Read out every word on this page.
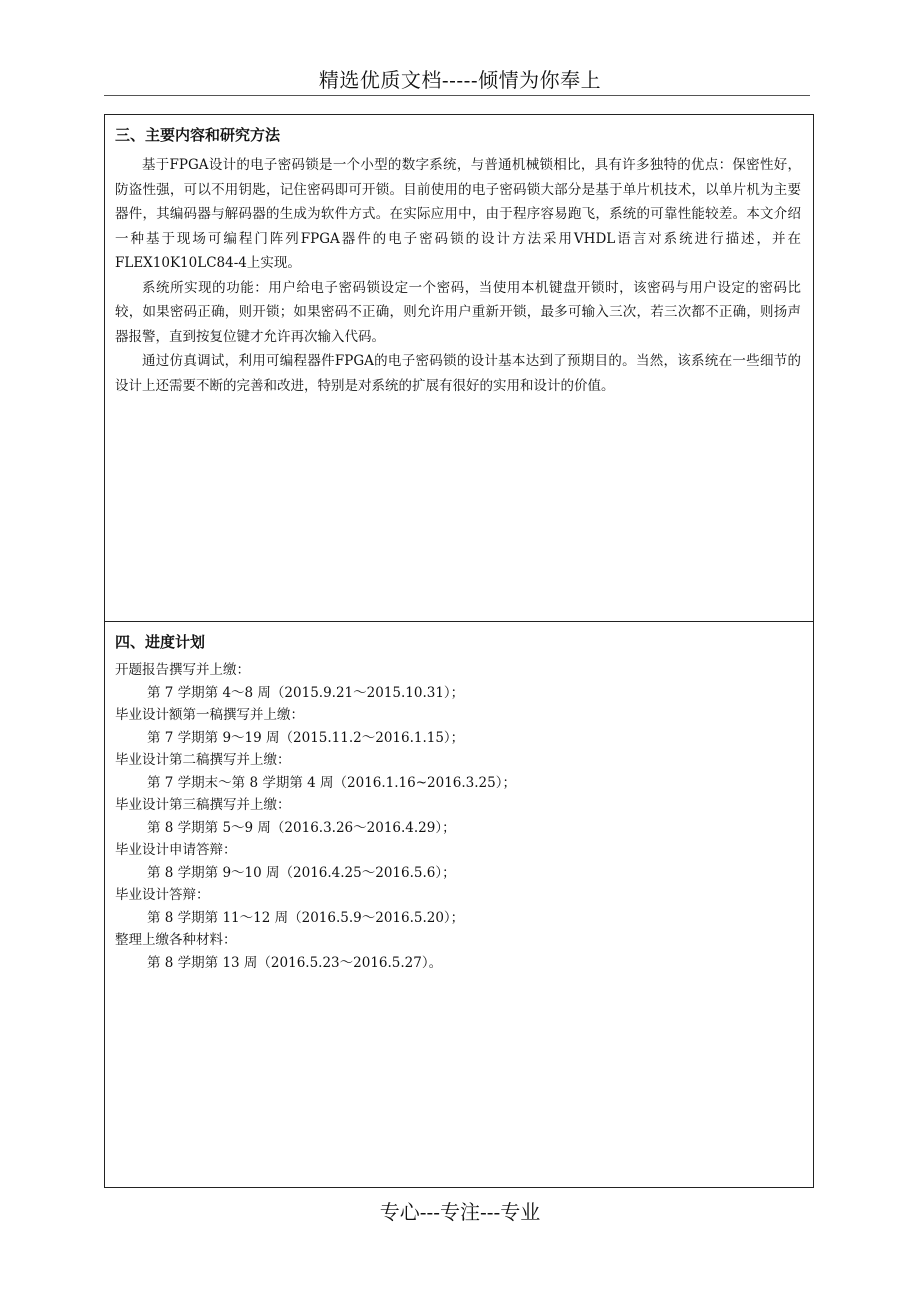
精选优质文档-----倾情为你奉上
三、主要内容和研究方法

基于FPGA设计的电子密码锁是一个小型的数字系统，与普通机械锁相比，具有许多独特的优点：保密性好，防盗性强，可以不用钥匙，记住密码即可开锁。目前使用的电子密码锁大部分是基于单片机技术，以单片机为主要器件，其编码器与解码器的生成为软件方式。在实际应用中，由于程序容易跑飞，系统的可靠性能较差。本文介绍一种基于现场可编程门阵列FPGA器件的电子密码锁的设计方法采用VHDL语言对系统进行描述，并在FLEX10K10LC84-4上实现。

系统所实现的功能：用户给电子密码锁设定一个密码，当使用本机键盘开锁时，该密码与用户设定的密码比较，如果密码正确，则开锁；如果密码不正确，则允许用户重新开锁，最多可输入三次，若三次都不正确，则扬声器报警，直到按复位键才允许再次输入代码。

通过仿真调试，利用可编程器件FPGA的电子密码锁的设计基本达到了预期目的。当然，该系统在一些细节的设计上还需要不断的完善和改进，特别是对系统的扩展有很好的实用和设计的价值。

四、进度计划
开题报告撰写并上缴：
第 7 学期第 4～8 周（2015.9.21～2015.10.31）；
毕业设计额第一稿撰写并上缴：
第 7 学期第 9～19 周（2015.11.2～2016.1.15）；
毕业设计第二稿撰写并上缴：
第 7 学期末～第 8 学期第 4 周（2016.1.16~2016.3.25）；
毕业设计第三稿撰写并上缴：
第 8 学期第 5～9 周（2016.3.26～2016.4.29）；
毕业设计申请答辩：
第 8 学期第 9～10 周（2016.4.25～2016.5.6）；
毕业设计答辩：
第 8 学期第 11～12 周（2016.5.9～2016.5.20）；
整理上缴各种材料：
第 8 学期第 13 周（2016.5.23～2016.5.27）。
专心---专注---专业
